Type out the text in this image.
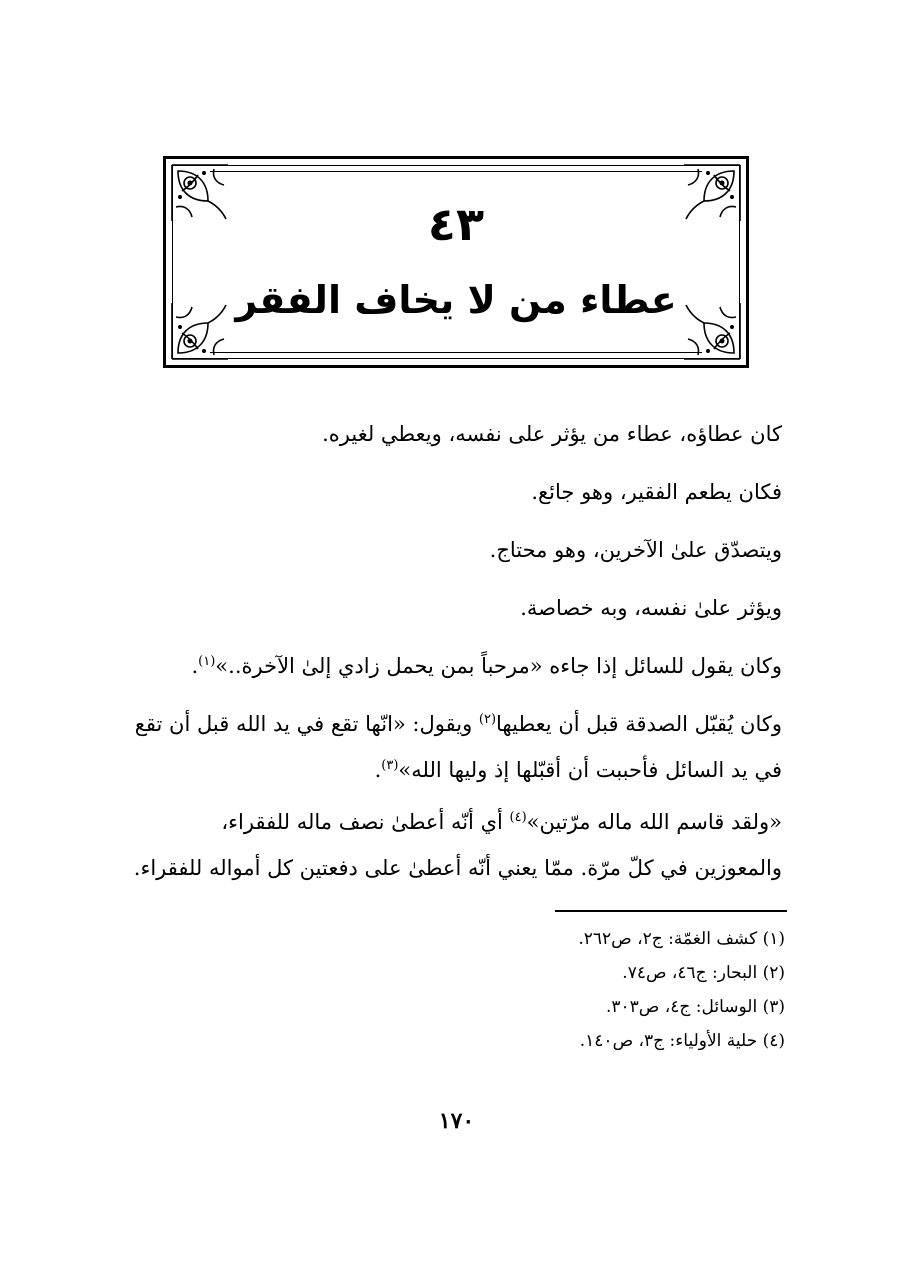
٤٣
عطاء من لا يخاف الفقر

كان عطاؤه، عطاء من يؤثر على نفسه، ويعطي لغيره.

فكان يطعم الفقير، وهو جائع.

ويتصدّق علىٰ الآخرين، وهو محتاج.

ويؤثر علىٰ نفسه، وبه خصاصة.

وكان يقول للسائل إذا جاءه «مرحباً بمن يحمل زادي إلىٰ الآخرة..»$^{(١)}$.

وكان يُقبّل الصدقة قبل أن يعطيها$^{(٢)}$ ويقول: «انّها تقع في يد الله قبل أن تقع في يد السائل فأحببت أن أقبّلها إذ وليها الله»$^{(٣)}$.

«ولقد قاسم الله ماله مرّتين»$^{(٤)}$ أي أنّه أعطىٰ نصف ماله للفقراء، والمعوزين في كلّ مرّة. ممّا يعني أنّه أعطىٰ على دفعتين كل أمواله للفقراء.

(١) كشف الغمّة: ج٢، ص٢٦٢.
(٢) البحار: ج٤٦، ص٧٤.
(٣) الوسائل: ج٤، ص٣٠٣.
(٤) حلية الأولياء: ج٣، ص١٤٠.
١٧٠
